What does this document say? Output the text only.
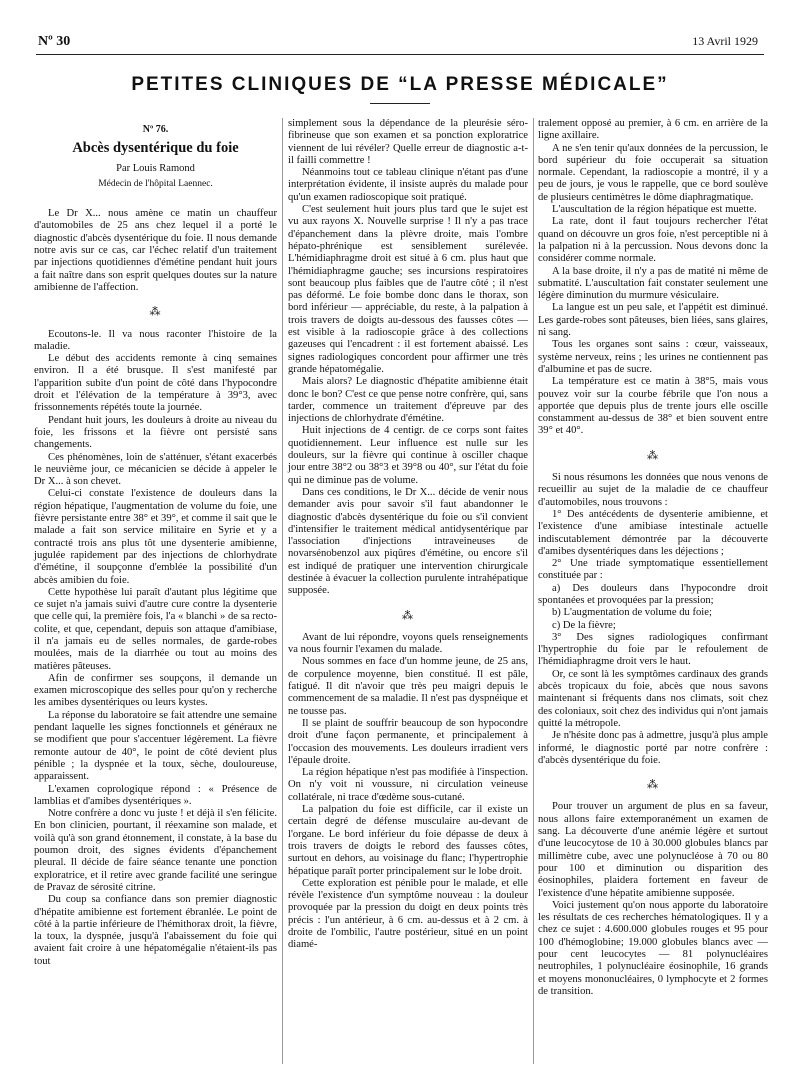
Nº 30	13 Avril 1929
PETITES CLINIQUES DE “LA PRESSE MÉDICALE”

Nº 76.

Abcès dysentérique du foie

Par Louis Ramond

Médecin de l'hôpital Laennec.

Le Dr X... nous amène ce matin un chauffeur d'automobiles de 25 ans chez lequel il a porté le diagnostic d'abcès dysentérique du foie. Il nous demande notre avis sur ce cas, car l'échec relatif d'un traitement par injections quotidiennes d'émétine pendant huit jours a fait naître dans son esprit quelques doutes sur la nature amibienne de l'affection.

⁂

Ecoutons-le. Il va nous raconter l'histoire de la maladie.

Le début des accidents remonte à cinq semaines environ. Il a été brusque. Il s'est manifesté par l'apparition subite d'un point de côté dans l'hypocondre droit et l'élévation de la température à 39°3, avec frissonnements répétés toute la journée.

Pendant huit jours, les douleurs à droite au niveau du foie, les frissons et la fièvre ont persisté sans changements.

Ces phénomènes, loin de s'atténuer, s'étant exacerbés le neuvième jour, ce mécanicien se décide à appeler le Dr X... à son chevet.

Celui-ci constate l'existence de douleurs dans la région hépatique, l'augmentation de volume du foie, une fièvre persistante entre 38° et 39°, et comme il sait que le malade a fait son service militaire en Syrie et y a contracté trois ans plus tôt une dysenterie amibienne, jugulée rapidement par des injections de chlorhydrate d'émétine, il soupçonne d'emblée la possibilité d'un abcès amibien du foie.

Cette hypothèse lui paraît d'autant plus légitime que ce sujet n'a jamais suivi d'autre cure contre la dysenterie que celle qui, la première fois, l'a « blanchi » de sa recto-colite, et que, cependant, depuis son attaque d'amibiase, il n'a jamais eu de selles normales, de garde-robes moulées, mais de la diarrhée ou tout au moins des matières pâteuses.

Afin de confirmer ses soupçons, il demande un examen microscopique des selles pour qu'on y recherche les amibes dysentériques ou leurs kystes.

La réponse du laboratoire se fait attendre une semaine pendant laquelle les signes fonctionnels et généraux ne se modifient que pour s'accentuer légèrement. La fièvre remonte autour de 40°, le point de côté devient plus pénible ; la dyspnée et la toux, sèche, douloureuse, apparaissent.

L'examen coprologique répond : « Présence de lamblias et d'amibes dysentériques ».

Notre confrère a donc vu juste ! et déjà il s'en félicite. En bon clinicien, pourtant, il réexamine son malade, et voilà qu'à son grand étonnement, il constate, à la base du poumon droit, des signes évidents d'épanchement pleural. Il décide de faire séance tenante une ponction exploratrice, et il retire avec grande facilité une seringue de Pravaz de sérosité citrine.

Du coup sa confiance dans son premier diagnostic d'hépatite amibienne est fortement ébranlée. Le point de côté à la partie inférieure de l'hémithorax droit, la fièvre, la toux, la dyspnée, jusqu'à l'abaissement du foie qui avaient fait croire à une hépatomégalie n'étaient-ils pas tout

simplement sous la dépendance de la pleurésie séro-fibrineuse que son examen et sa ponction exploratrice viennent de lui révéler? Quelle erreur de diagnostic a-t-il failli commettre !

Néanmoins tout ce tableau clinique n'étant pas d'une interprétation évidente, il insiste auprès du malade pour qu'un examen radioscopique soit pratiqué.

C'est seulement huit jours plus tard que le sujet est vu aux rayons X. Nouvelle surprise ! Il n'y a pas trace d'épanchement dans la plèvre droite, mais l'ombre hépato-phrénique est sensiblement surélevée. L'hémidiaphragme droit est situé à 6 cm. plus haut que l'hémidiaphragme gauche; ses incursions respiratoires sont beaucoup plus faibles que de l'autre côté ; il n'est pas déformé. Le foie bombe donc dans le thorax, son bord inférieur — appréciable, du reste, à la palpation à trois travers de doigts au-dessous des fausses côtes — est visible à la radioscopie grâce à des collections gazeuses qui l'encadrent : il est fortement abaissé. Les signes radiologiques concordent pour affirmer une très grande hépatomégalie.

Mais alors? Le diagnostic d'hépatite amibienne était donc le bon? C'est ce que pense notre confrère, qui, sans tarder, commence un traitement d'épreuve par des injections de chlorhydrate d'émétine.

Huit injections de 4 centigr. de ce corps sont faites quotidiennement. Leur influence est nulle sur les douleurs, sur la fièvre qui continue à osciller chaque jour entre 38°2 ou 38°3 et 39°8 ou 40°, sur l'état du foie qui ne diminue pas de volume.

Dans ces conditions, le Dr X... décide de venir nous demander avis pour savoir s'il faut abandonner le diagnostic d'abcès dysentérique du foie ou s'il convient d'intensifier le traitement médical antidysentérique par l'association d'injections intraveineuses de novarsénobenzol aux piqûres d'émétine, ou encore s'il est indiqué de pratiquer une intervention chirurgicale destinée à évacuer la collection purulente intrahépatique supposée.

⁂

Avant de lui répondre, voyons quels renseignements va nous fournir l'examen du malade.

Nous sommes en face d'un homme jeune, de 25 ans, de corpulence moyenne, bien constitué. Il est pâle, fatigué. Il dit n'avoir que très peu maigri depuis le commencement de sa maladie. Il n'est pas dyspnéique et ne tousse pas.

Il se plaint de souffrir beaucoup de son hypocondre droit d'une façon permanente, et principalement à l'occasion des mouvements. Les douleurs irradient vers l'épaule droite.

La région hépatique n'est pas modifiée à l'inspection. On n'y voit ni voussure, ni circulation veineuse collatérale, ni trace d'œdème sous-cutané.

La palpation du foie est difficile, car il existe un certain degré de défense musculaire au-devant de l'organe. Le bord inférieur du foie dépasse de deux à trois travers de doigts le rebord des fausses côtes, surtout en dehors, au voisinage du flanc; l'hypertrophie hépatique paraît porter principalement sur le lobe droit.

Cette exploration est pénible pour le malade, et elle révèle l'existence d'un symptôme nouveau : la douleur provoquée par la pression du doigt en deux points très précis : l'un antérieur, à 6 cm. au-dessus et à 2 cm. à droite de l'ombilic, l'autre postérieur, situé en un point diamé-

tralement opposé au premier, à 6 cm. en arrière de la ligne axillaire.

A ne s'en tenir qu'aux données de la percussion, le bord supérieur du foie occuperait sa situation normale. Cependant, la radioscopie a montré, il y a peu de jours, je vous le rappelle, que ce bord soulève de plusieurs centimètres le dôme diaphragmatique.

L'auscultation de la région hépatique est muette.

La rate, dont il faut toujours rechercher l'état quand on découvre un gros foie, n'est perceptible ni à la palpation ni à la percussion. Nous devons donc la considérer comme normale.

A la base droite, il n'y a pas de matité ni même de submatité. L'auscultation fait constater seulement une légère diminution du murmure vésiculaire.

La langue est un peu sale, et l'appétit est diminué. Les garde-robes sont pâteuses, bien liées, sans glaires, ni sang.

Tous les organes sont sains : cœur, vaisseaux, système nerveux, reins ; les urines ne contiennent pas d'albumine et pas de sucre.

La température est ce matin à 38°5, mais vous pouvez voir sur la courbe fébrile que l'on nous a apportée que depuis plus de trente jours elle oscille constamment au-dessus de 38° et bien souvent entre 39° et 40°.

⁂

Si nous résumons les données que nous venons de recueillir au sujet de la maladie de ce chauffeur d'automobiles, nous trouvons :

1° Des antécédents de dysenterie amibienne, et l'existence d'une amibiase intestinale actuelle indiscutablement démontrée par la découverte d'amibes dysentériques dans les déjections ;

2° Une triade symptomatique essentiellement constituée par :

a) Des douleurs dans l'hypocondre droit spontanées et provoquées par la pression;

b) L'augmentation de volume du foie;

c) De la fièvre;

3° Des signes radiologiques confirmant l'hypertrophie du foie par le refoulement de l'hémidiaphragme droit vers le haut.

Or, ce sont là les symptômes cardinaux des grands abcès tropicaux du foie, abcès que nous savons maintenant si fréquents dans nos climats, soit chez des coloniaux, soit chez des individus qui n'ont jamais quitté la métropole.

Je n'hésite donc pas à admettre, jusqu'à plus ample informé, le diagnostic porté par notre confrère : d'abcès dysentérique du foie.

⁂

Pour trouver un argument de plus en sa faveur, nous allons faire extemporanément un examen de sang. La découverte d'une anémie légère et surtout d'une leucocytose de 10 à 30.000 globules blancs par millimètre cube, avec une polynucléose à 70 ou 80 pour 100 et diminution ou disparition des éosinophiles, plaidera fortement en faveur de l'existence d'une hépatite amibienne supposée.

Voici justement qu'on nous apporte du laboratoire les résultats de ces recherches hématologiques. Il y a chez ce sujet : 4.600.000 globules rouges et 95 pour 100 d'hémoglobine; 19.000 globules blancs avec — pour cent leucocytes — 81 polynucléaires neutrophiles, 1 polynucléaire éosinophile, 16 grands et moyens mononucléaires, 0 lymphocyte et 2 formes de transition.
